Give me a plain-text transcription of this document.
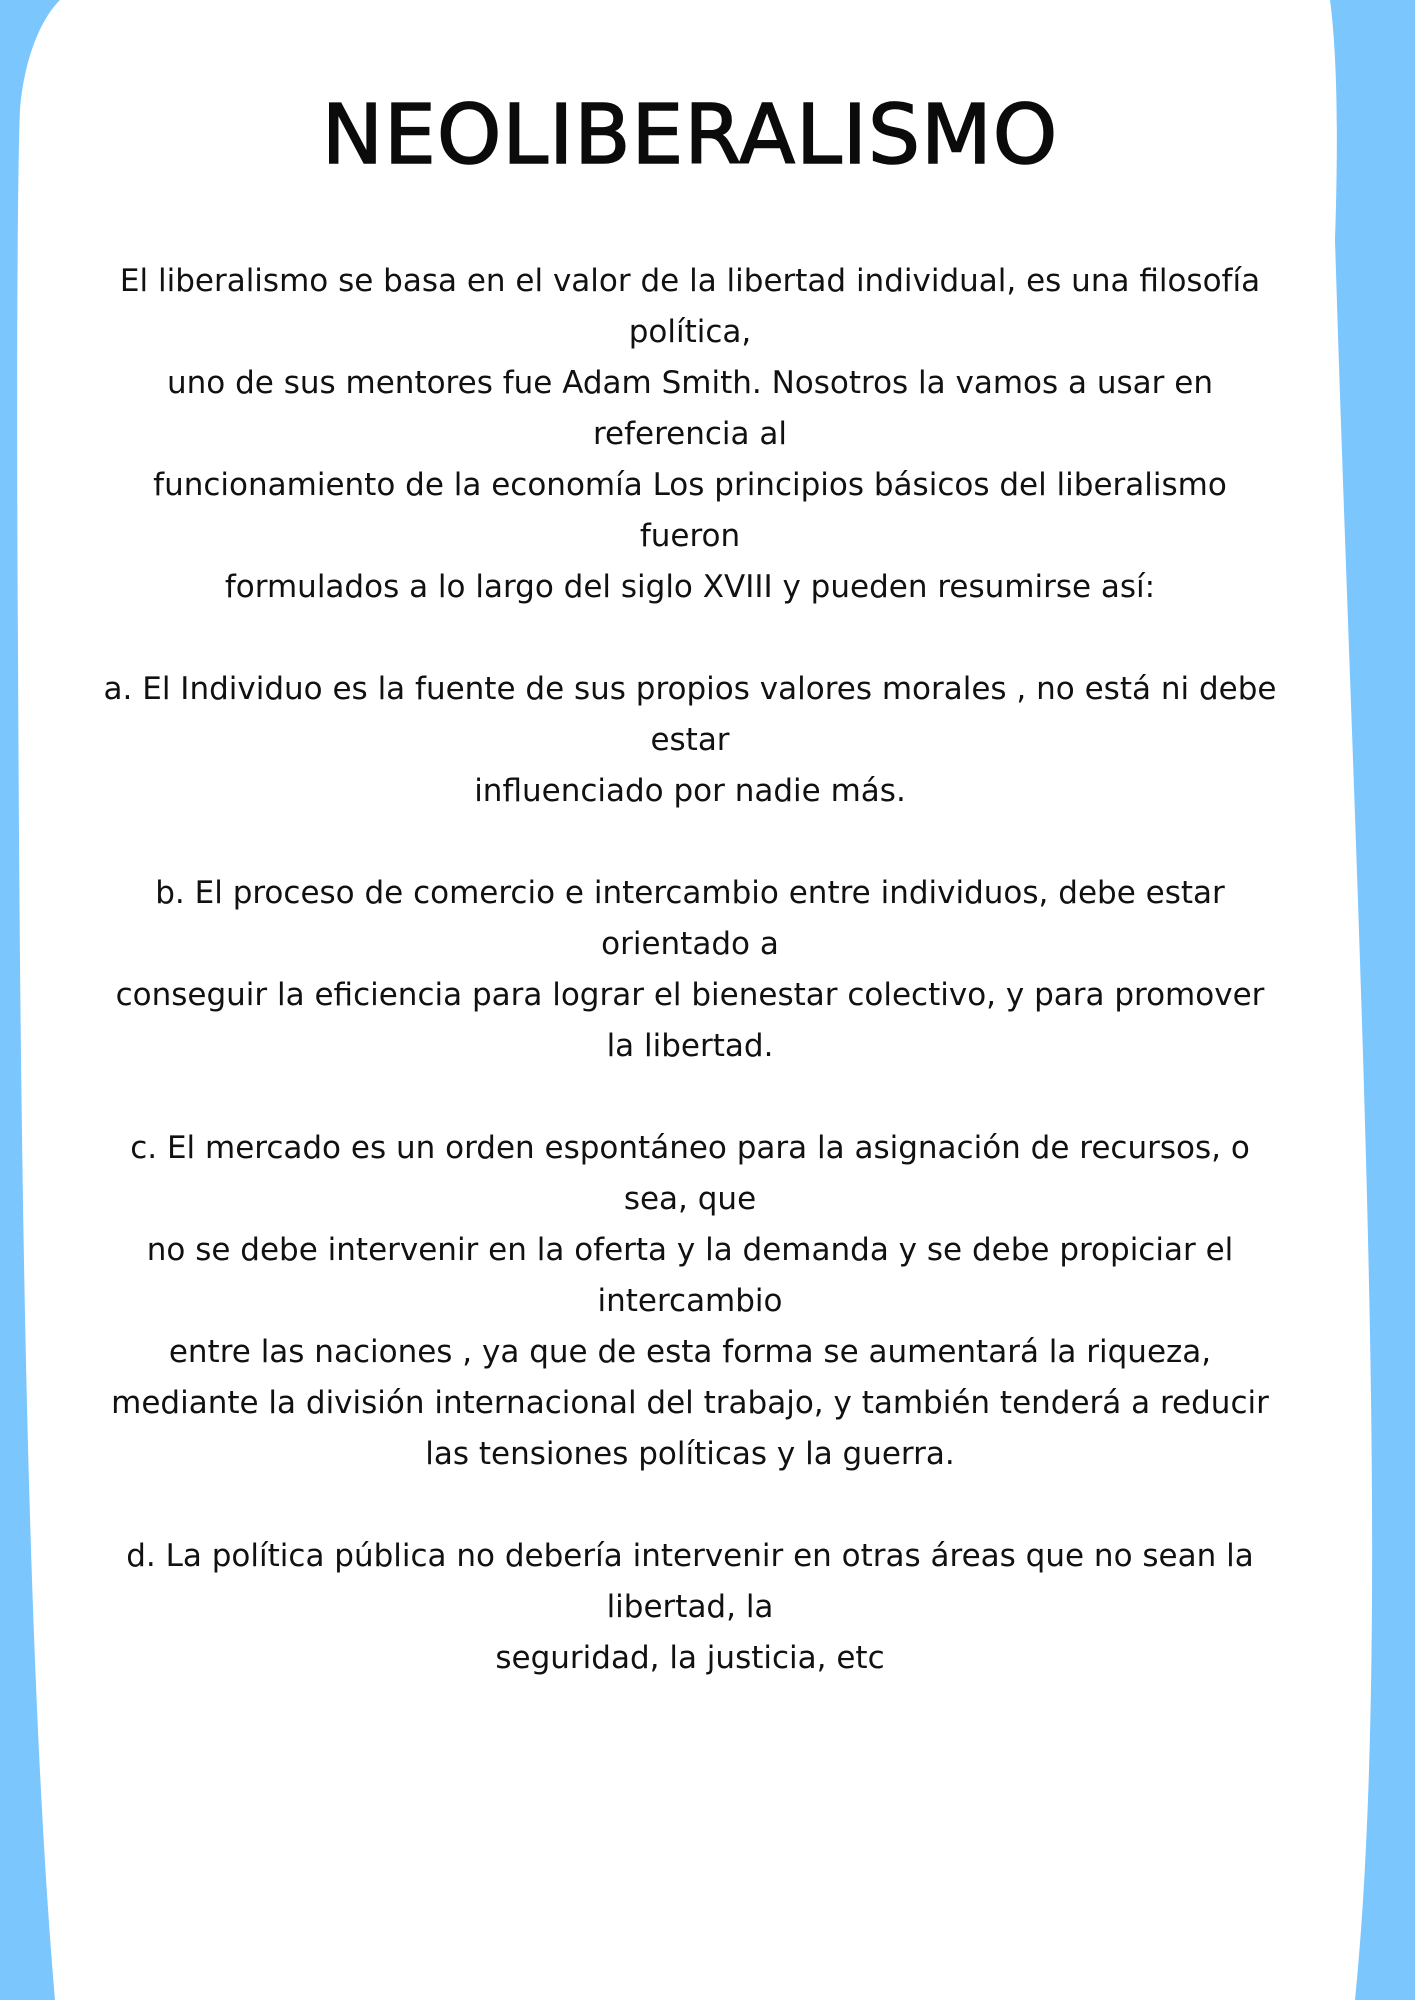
NEOLIBERALISMO
El liberalismo se basa en el valor de la libertad individual, es una filosofía
política,
uno de sus mentores fue Adam Smith. Nosotros la vamos a usar en
referencia al
funcionamiento de la economía Los principios básicos del liberalismo
fueron
formulados a lo largo del siglo XVIII y pueden resumirse así:
a. El Individuo es la fuente de sus propios valores morales , no está ni debe
estar
influenciado por nadie más.
b. El proceso de comercio e intercambio entre individuos, debe estar
orientado a
conseguir la eficiencia para lograr el bienestar colectivo, y para promover
la libertad.
c. El mercado es un orden espontáneo para la asignación de recursos, o
sea, que
no se debe intervenir en la oferta y la demanda y se debe propiciar el
intercambio
entre las naciones , ya que de esta forma se aumentará la riqueza,
mediante la división internacional del trabajo, y también tenderá a reducir
las tensiones políticas y la guerra.
d. La política pública no debería intervenir en otras áreas que no sean la
libertad, la
seguridad, la justicia, etc
